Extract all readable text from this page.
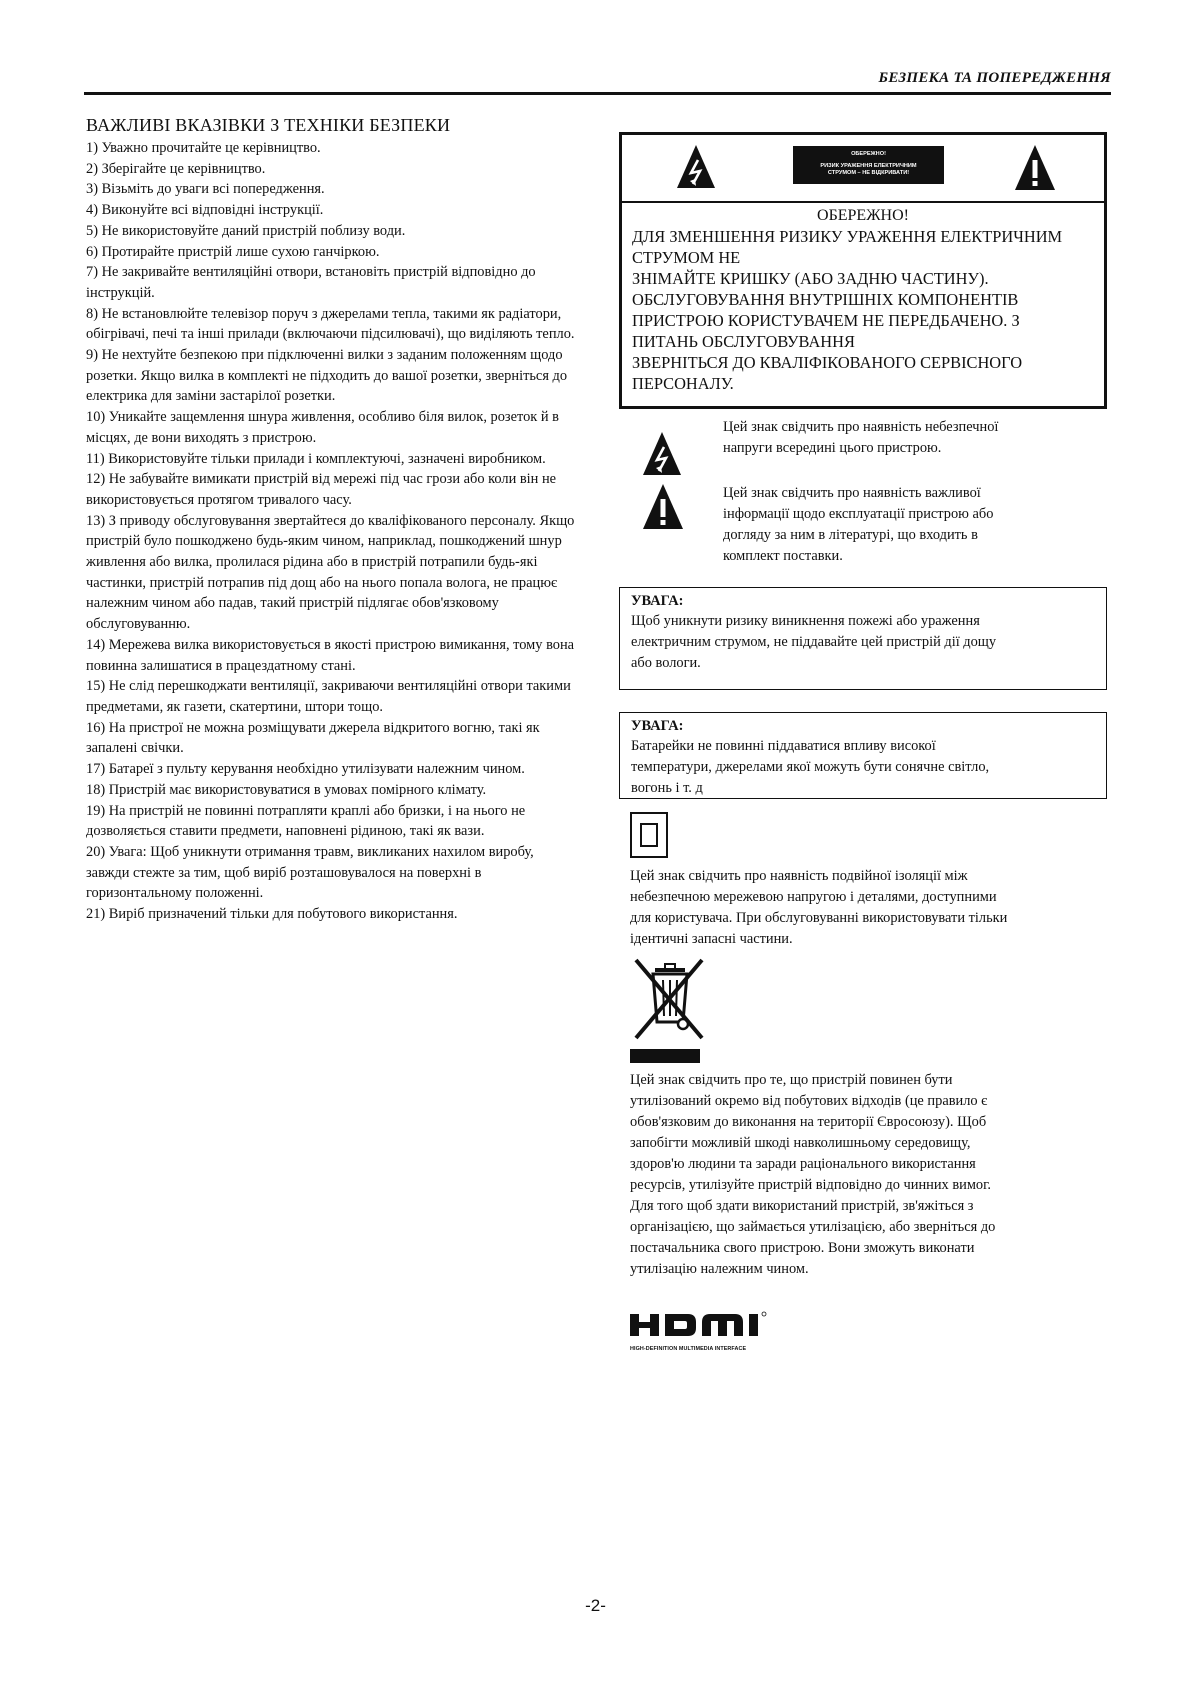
БЕЗПЕКА ТА ПОПЕРЕДЖЕННЯ
ВАЖЛИВІ ВКАЗІВКИ З ТЕХНІКИ БЕЗПЕКИ
1) Уважно прочитайте це керівництво.
2) Зберігайте це керівництво.
3) Візьміть до уваги всі попередження.
4) Виконуйте всі відповідні інструкції.
5) Не використовуйте даний пристрій поблизу води.
6) Протирайте пристрій лише сухою ганчіркою.
7) Не закривайте вентиляційні отвори, встановіть пристрій відповідно до інструкцій.
8) Не встановлюйте телевізор поруч з джерелами тепла, такими як радіатори, обігрівачі, печі та інші прилади (включаючи підсилювачі), що виділяють тепло.
9) Не нехтуйте безпекою при підключенні вилки з заданим положенням щодо розетки. Якщо вилка в комплекті не підходить до вашої розетки, зверніться до електрика для заміни застарілої розетки.
10) Уникайте защемлення шнура живлення, особливо біля вилок, розеток й в місцях, де вони виходять з пристрою.
11) Використовуйте тільки прилади і комплектуючі, зазначені виробником.
12) Не забувайте вимикати пристрій від мережі під час грози або коли він не використовується протягом тривалого часу.
13) З приводу обслуговування звертайтеся до кваліфікованого персоналу. Якщо пристрій було пошкоджено будь-яким чином, наприклад, пошкоджений шнур живлення або вилка, пролилася рідина або в пристрій потрапили будь-які частинки, пристрій потрапив під дощ або на нього попала волога, не працює належним чином або падав, такий пристрій підлягає обов'язковому обслуговуванню.
14) Мережева вилка використовується в якості пристрою вимикання, тому вона повинна залишатися в працездатному стані.
15) Не слід перешкоджати вентиляції, закриваючи вентиляційні отвори такими предметами, як газети, скатертини, штори тощо.
16) На пристрої не можна розміщувати джерела відкритого вогню, такі як запалені свічки.
17) Батареї з пульту керування необхідно утилізувати належним чином.
18) Пристрій має використовуватися в умовах помірного клімату.
19) На пристрій не повинні потрапляти краплі або бризки, і на нього не дозволяється ставити предмети, наповнені рідиною, такі як вази.
20) Увага: Щоб уникнути отримання травм, викликаних нахилом виробу, завжди стежте за тим, щоб виріб розташовувалося на поверхні в горизонтальному положенні.
21) Виріб призначений тільки для побутового використання.
ОБЕРЕЖНО!
РИЗИК УРАЖЕННЯ ЕЛЕКТРИЧНИМ
СТРУМОМ – НЕ ВІДКРИВАТИ!
ОБЕРЕЖНО!
ДЛЯ ЗМЕНШЕННЯ РИЗИКУ УРАЖЕННЯ ЕЛЕКТРИЧНИМ
СТРУМОМ НЕ
ЗНІМАЙТЕ КРИШКУ (АБО ЗАДНЮ ЧАСТИНУ).
ОБСЛУГОВУВАННЯ ВНУТРІШНІХ КОМПОНЕНТІВ
ПРИСТРОЮ КОРИСТУВАЧЕМ НЕ ПЕРЕДБАЧЕНО. З
ПИТАНЬ ОБСЛУГОВУВАННЯ
ЗВЕРНІТЬСЯ ДО КВАЛІФІКОВАНОГО СЕРВІСНОГО
ПЕРСОНАЛУ.
Цей знак свідчить про наявність небезпечної
напруги всередині цього пристрою.
Цей знак свідчить про наявність важливої
інформації щодо експлуатації пристрою або
догляду за ним в літературі, що входить в
комплект поставки.
УВАГА:
Щоб уникнути ризику виникнення пожежі або ураження
електричним струмом, не піддавайте цей пристрій дії дощу
або вологи.
УВАГА:
Батарейки не повинні піддаватися впливу високої
температури, джерелами якої можуть бути сонячне світло,
вогонь і т. д
Цей знак свідчить про наявність подвійної ізоляції між
небезпечною мережевою напругою і деталями, доступними
для користувача. При обслуговуванні використовувати тільки
ідентичні запасні частини.
Цей знак свідчить про те, що пристрій повинен бути
утилізований окремо від побутових відходів (це правило є
обов'язковим до виконання на території Євросоюзу). Щоб
запобігти можливій шкоді навколишньому середовищу,
здоров'ю людини та заради раціонального використання
ресурсів, утилізуйте пристрій відповідно до чинних вимог.
Для того щоб здати використаний пристрій, зв'яжіться з
організацією, що займається утилізацією, або зверніться до
постачальника свого пристрою. Вони зможуть виконати
утилізацію належним чином.
HIGH-DEFINITION MULTIMEDIA INTERFACE
-2-
